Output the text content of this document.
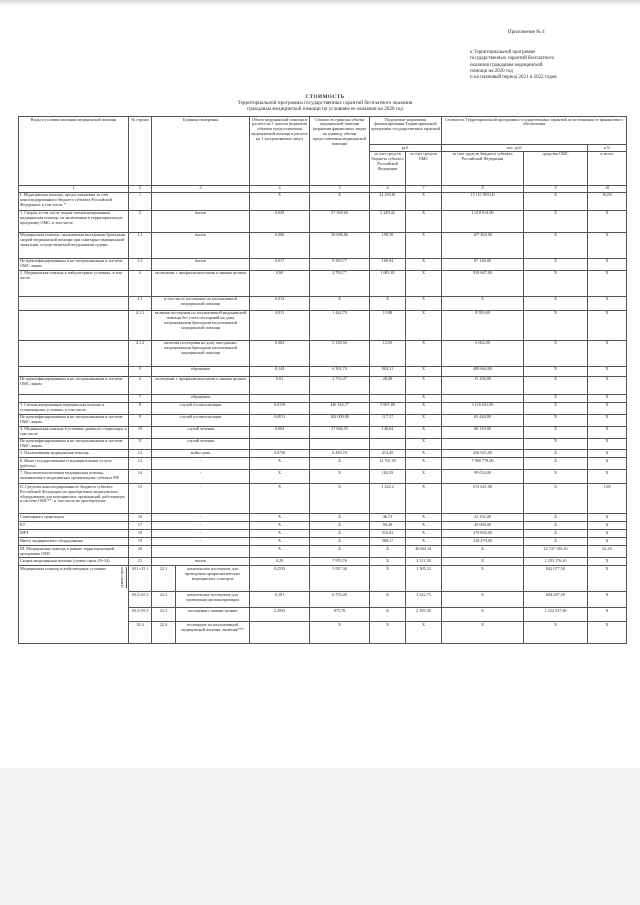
Приложение № 4
к Территориальной программе
государственных гарантий бесплатного
оказания гражданам медицинской
помощи на 2020 год
и на плановый период 2021 и 2022 годов
СТОИМОСТЬ
Территориальной программы государственных гарантий бесплатного оказания
гражданам медицинской помощи по условиям ее оказания на 2020 год
Виды и условия оказания медицинской помощи	№ строки	Единица измерения		Объем медицинской помощи в расчете на 1 жителя (норматив объемов предоставления медицинской помощи в расчете на 1 застрахованное лицо)	Стоимость единицы объема медицинской помощи (норматив финансовых затрат на единицу объема предоставления медицинской помощи)	Подушевые нормативы финансирования Территориальной программы государственных гарантий		Стоимость Территориальной программы государственных гарантий по источникам ее финансового обеспечения		
						руб.		тыс. руб.		в %
						за счет средств бюджета субъекта Российской Федерации	за счет средств ОМС	за счет средств бюджета субъекта Российской Федерации	средства ОМС	к итогу
1	2	3		4	5	6	7	8	9	10
I. Медицинская помощь, предоставляемая за счет консолидированного бюджета субъекта Российской Федерации, в том числе *	1			X	X	24 250,81	X	15 151 905,00	X	36,00
1. Скорая, в том числе скорая специализированная медицинская помощь, не включенная в территориальную программу ОМС, в том числе	2	вызов		0,039	57 569,60	2 249,42	X	1 218 014,00	X	X
Медицинская помощь, оказываемая выездными бригадами скорой медицинской помощи при санитарно-авиационной эвакуации, осуществляемой воздушными судами	3.1	вызов		0,006	30 686,86	198,58	X	107 404,00	X	X
Не идентифицированным и не застрахованным в системе ОМС лицам	3.2	вызов		0,017	9 393,77	160,94	X	87 146,00	X	X
2. Медицинская помощь в амбулаторных условиях, в том числе	4	посещение с профилактическими и иными целями		0,60	2 783,77	1 681,81	X	910 667,00	X	X
	4.1	в том числе посещение по паллиативной медицинской помощи		0,013	X	X	X	X	X	X
	4.1.1	включая посещения по паллиативной медицинской помощи без учета посещений на дому патронажными бригадами паллиативной медицинской помощи		0,011	1 442,79	15,88	X	8 599,00	X	X
	4.1.2	включая посещения на дому выездными патронажными бригадами паллиативной медицинской помощи		0,002	5 138,56	12,50	X	6 662,00	X	X
	5	обращение		0,144	6 301,74	904,31	X	489 664,00	X	X
Не идентифицированным и не застрахованным в системе ОМС лицам	6	посещение с профилактическими и иными целями		0,01	2 752,47	28,08	X	15 206,00	X	X
	7	обращение					X		X	X
3. Специализированная медицинская помощь в стационарных условиях, в том числе	8	случай госпитализации		0,0159	246 165,77	5 907,89	X	3 116 041,00	X	X
Не идентифицированным и не застрахованным в системе ОМС лицам	9	случай госпитализации		0,0011	102 000,00	117,17	X	63 444,00	X	X
4. Медицинская помощь в условиях дневного стационара, в том числе	10	случай лечения		0,004	37 846,55	148,04	X	80 119,00	X	X
Не идентифицированным и не застрахованным в системе ОМС лицам	11	случай лечения					X		X	X
5. Паллиативная медицинская помощь	12	койко-день		0,0736	6 450,70	474,49	X	256 925,00	X	X
6. Иные государственные и муниципальные услуги (работы)	13	-		X	X	14 701,93	X	7 960 779,00	X	X
7. Высокотехнологичная медицинская помощь, оказываемая в медицинских организациях субъекта РФ	14	-		X	X	182,93	X	99 054,00	X	X
II. Средства консолидированного бюджета субъекта Российской Федерации на приобретение медицинского оборудования для медицинских организаций, работающих в системе ОМС**, в том числе на приобретение	15	-		X	X	1 242,2	X	672 621,00	X	1,80
Санитарного транспорта	16	-		X	X	46,73	X	25 292,00	X	X
КТ	17	-		X	X	90,49	X	49 000,00	X	X
МРТ	18	-		X	X	516,83	X	279 850,00	X	X
Иного медицинского оборудования	19	-		X	X	588,17	X	318 479,00	X	X
III. Медицинская помощь в рамках территориальной программы ОМС	20			X	X	X	40 661,01	X	22 747 196,10	62,20
Скорая медицинская помощь (сумма строк 29+34)	21	вызов		0,29	7 970,76	X	2 311,50	X	1 293 176,10	X

Медицинская помощь в амбулаторных условиях сумма строк	30.1+35.1	22.1	комплексное посещение для проведения профилактических медицинских осмотров	0,2535	5 937,36	X	1 505,23	X	842 077,50	X
	30.2+35.2	22.2	комплексное посещение для проведения диспансеризации	0,181	6 755,49	X	1 222,75	X	684 047,50	X
	30.3+35.3	22.3	посещения с иными целями	2,4955	875,70	X	2 185,30	X	1 222 537,90	X
	35.4	22.4	посещение по паллиативной медицинской помощи, включая***		X	X	X	X	X	X
